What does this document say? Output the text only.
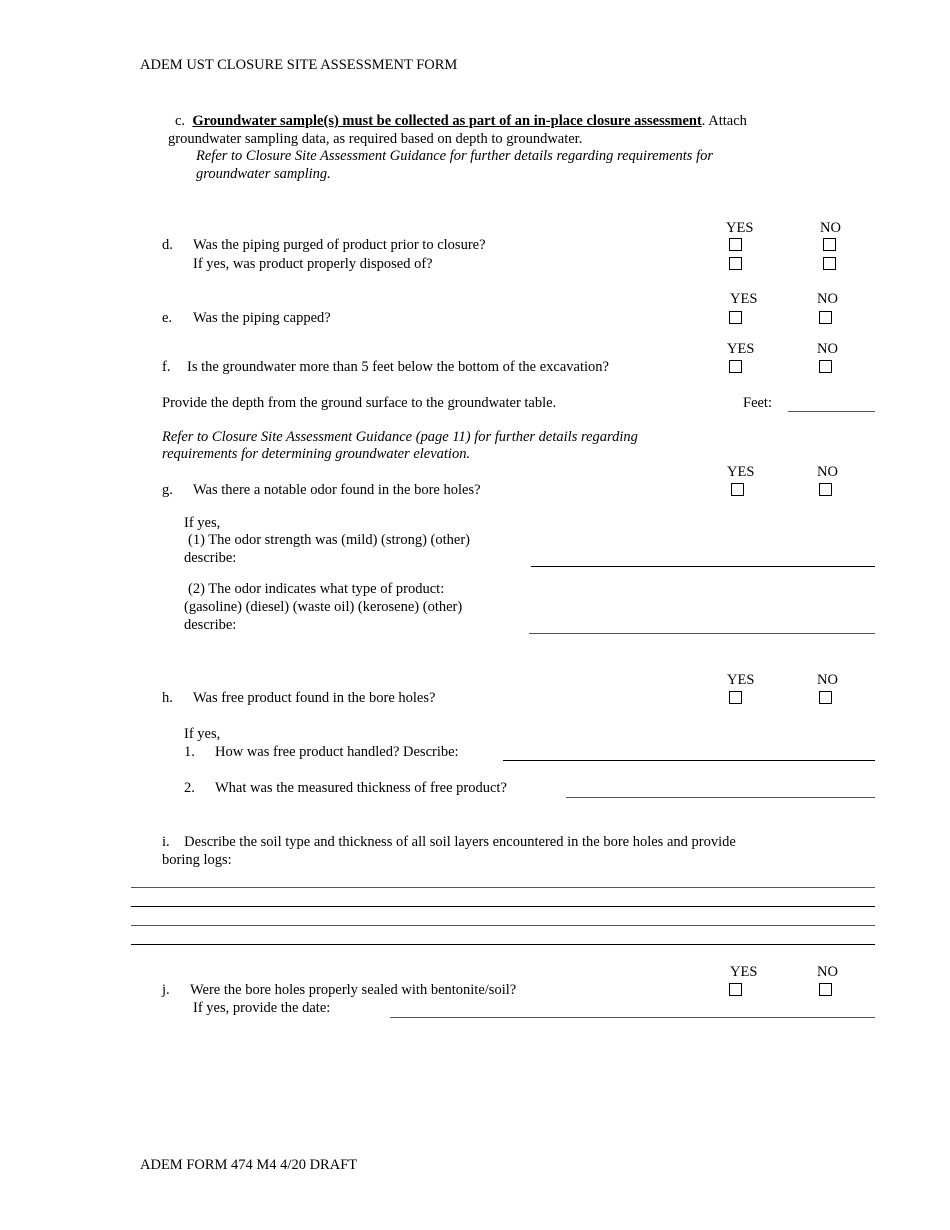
ADEM UST CLOSURE SITE ASSESSMENT FORM
c. Groundwater sample(s) must be collected as part of an in-place closure assessment. Attach
groundwater sampling data, as required based on depth to groundwater.
Refer to Closure Site Assessment Guidance for further details regarding requirements for
groundwater sampling.
YES	NO
d. Was the piping purged of product prior to closure?
If yes, was product properly disposed of?
YES	NO
e. Was the piping capped?
YES	NO
f. Is the groundwater more than 5 feet below the bottom of the excavation?
Provide the depth from the ground surface to the groundwater table.	Feet:
Refer to Closure Site Assessment Guidance (page 11) for further details regarding
requirements for determining groundwater elevation.
YES	NO
g. Was there a notable odor found in the bore holes?
If yes,
(1) The odor strength was (mild) (strong) (other)
describe:
(2) The odor indicates what type of product:
(gasoline) (diesel) (waste oil) (kerosene) (other)
describe:
YES	NO
h. Was free product found in the bore holes?
If yes,
1. How was free product handled? Describe:
2. What was the measured thickness of free product?
i. Describe the soil type and thickness of all soil layers encountered in the bore holes and provide
boring logs:
YES	NO
j. Were the bore holes properly sealed with bentonite/soil?
If yes, provide the date:
ADEM FORM 474 M4 4/20 DRAFT
